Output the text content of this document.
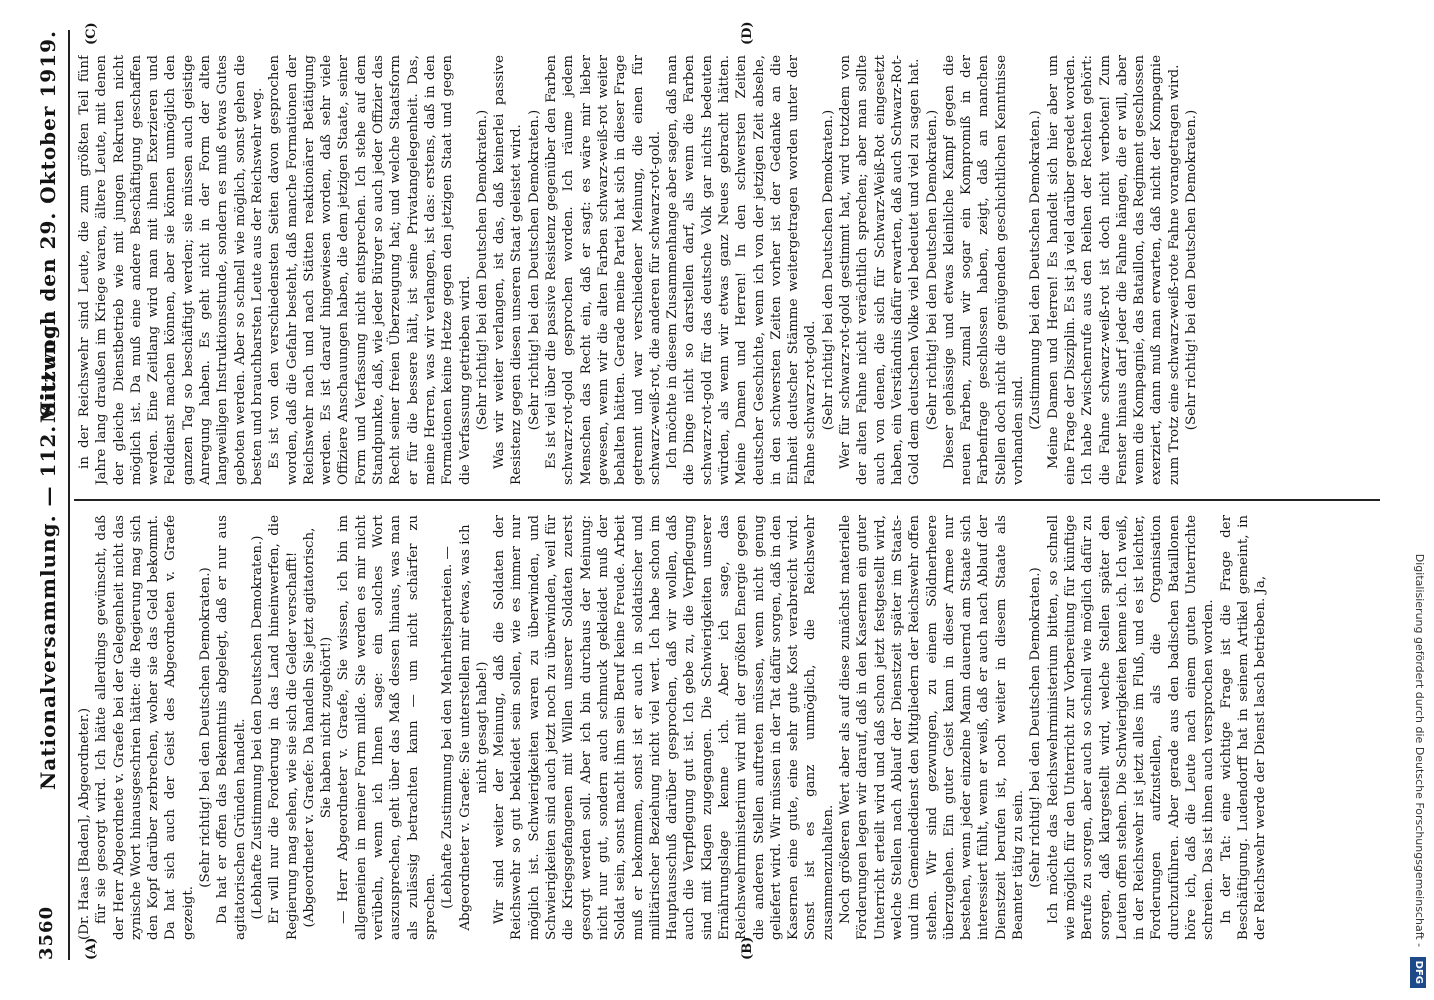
3560
Nationalversammlung. — 112. Sitzung.
Mittwoch den 29. Oktober 1919.
(A)	(B)
(C)	(D)

(Dr. Haas [Baden], Abgeordneter.) für sie gesorgt wird. Ich hätte allerdings gewünscht, daß der Herr Abgeordnete v. Graefe bei der Gelegenheit nicht das zynische Wort hinausgeschrien hätte: die Regierung mag sich den Kopf darüber zerbrechen, woher sie das Geld bekommt. Da hat sich auch der Geist des Abgeordneten v. Graefe gezeigt.

(Sehr richtig! bei den Deutschen Demokraten.) Da hat er offen das Bekenntnis abgelegt, daß er nur aus agitatorischen Gründen handelt. (Lebhafte Zustimmung bei den Deutschen Demokraten.) Er will nur die Forderung in das Land hineinwerfen, die Regierung mag sehen, wie sie sich die Gelder verschafft! (Abgeordneter v. Graefe: Da handeln Sie jetzt agitatorisch, Sie haben nicht zugehört!) — Herr Abgeordneter v. Graefe, Sie wissen, ich bin im allgemeinen in meiner Form milde. Sie werden es mir nicht verübeln, wenn ich Ihnen sage: ein solches Wort auszusprechen, geht über das Maß dessen hinaus, was man als zulässig betrachten kann — um nicht schärfer zu sprechen. (Lebhafte Zustimmung bei den Mehrheitsparteien. — Abgeordneter v. Graefe: Sie unterstellen mir etwas, was ich nicht gesagt habe!) Wir sind weiter der Meinung, daß die Soldaten der Reichswehr so gut bekleidet sein sollen, wie es immer nur möglich ist. Schwierigkeiten waren zu überwinden, und Schwierigkeiten sind auch jetzt noch zu überwinden, weil für die Kriegsgefangenen mit Willen unserer Soldaten zuerst gesorgt werden soll. Aber ich bin durchaus der Meinung: nicht nur gut, sondern auch schmuck gekleidet muß der Soldat sein, sonst macht ihm sein Beruf keine Freude. Arbeit muß er bekommen, sonst ist er auch in soldatischer und militärischer Beziehung nicht viel wert. Ich habe schon im Hauptausschuß darüber gesprochen, daß wir wollen, daß auch die Verpflegung gut ist. Ich gebe zu, die Verpflegung sind mit Klagen zugegangen. Die Schwierigkeiten unserer Ernährungslage kenne ich. Aber ich sage, das Reichswehrministerium wird mit der größten Energie gegen die anderen Stellen auftreten müssen, wenn nicht genug geliefert wird. Wir müssen in der Tat dafür sorgen, daß in den Kasernen eine gute, eine sehr gute Kost verabreicht wird. Sonst ist es ganz unmöglich, die Reichswehr zusammenzuhalten. Noch größeren Wert aber als auf diese zunächst materielle Förderungen legen wir darauf, daß in den Kasernen ein guter Unterricht erteilt wird und daß schon jetzt festgestellt wird, welche Stellen nach Ablauf der Dienstzeit später im Staats- und im Gemeindedienst den Mitgliedern der Reichswehr offen stehen. Wir sind gezwungen, zu einem Söldnerheere überzugehen. Ein guter Geist kann in dieser Armee nur bestehen, wenn jeder einzelne Mann dauernd am Staate sich interessiert fühlt, wenn er weiß, daß er auch nach Ablauf der Dienstzeit berufen ist, noch weiter in diesem Staate als Beamter tätig zu sein. (Sehr richtig! bei den Deutschen Demokraten.) Ich möchte das Reichswehrministerium bitten, so schnell wie möglich für den Unterricht zur Vorbereitung für künftige Berufe zu sorgen, aber auch so schnell wie möglich dafür zu sorgen, daß klargestellt wird, welche Stellen später den Leuten offen stehen. Die Schwierigkeiten kenne ich. Ich weiß, in der Reichswehr ist jetzt alles im Fluß, und es ist leichter, Forderungen aufzustellen, als die Organisation durchzuführen. Aber gerade aus den badischen Bataillonen höre ich, daß die Leute nach einem guten Unterrichte schreien. Das ist ihnen auch versprochen worden. In der Tat: eine wichtige Frage ist die Frage der Beschäftigung. Ludendorff hat in seinem Artikel gemeint, in der Reichswehr werde der Dienst lasch betrieben. Ja,

in der Reichswehr sind Leute, die zum größten Teil fünf Jahre lang draußen im Kriege waren, ältere Leute, mit denen der gleiche Dienstbetrieb wie mit jungen Rekruten nicht möglich ist. Da muß eine andere Beschäftigung geschaffen werden. Eine Zeitlang wird man mit ihnen Exerzieren und Felddienst machen können, aber sie können unmöglich den ganzen Tag so beschäftigt werden; sie müssen auch geistige Anregung haben. Es geht nicht in der Form der alten langweiligen Instruktionsstunde, sondern es muß etwas Gutes geboten werden. Aber so schnell wie möglich, sonst gehen die besten und brauchbarsten Leute aus der Reichswehr weg. Es ist von den verschiedensten Seiten davon gesprochen worden, daß die Gefahr besteht, daß manche Formationen der Reichswehr nach und nach Stätten reaktionärer Betätigung werden. Es ist darauf hingewiesen worden, daß sehr viele Offiziere Anschauungen haben, die dem jetzigen Staate, seiner Form und Verfassung nicht entsprechen. Ich stehe auf dem Standpunkte, daß, wie jeder Bürger so auch jeder Offizier das Recht seiner freien Überzeugung hat; und welche Staatsform er für die bessere hält, ist seine Privatangelegenheit. Das, meine Herren, was wir verlangen, ist das: erstens, daß in den Formationen keine Hetze gegen den jetzigen Staat und gegen die Verfassung getrieben wird. (Sehr richtig! bei den Deutschen Demokraten.) Was wir weiter verlangen, ist das, daß keinerlei passive Resistenz gegen diesen unseren Staat geleistet wird. (Sehr richtig! bei den Deutschen Demokraten.) Es ist viel über die passive Resistenz gegenüber den Farben schwarz-rot-gold gesprochen worden. Ich räume jedem Menschen das Recht ein, daß er sagt: es wäre mir lieber gewesen, wenn wir die alten Farben schwarz-weiß-rot weiter behalten hätten. Gerade meine Partei hat sich in dieser Frage getrennt und war verschiedener Meinung, die einen für schwarz-weiß-rot, die anderen für schwarz-rot-gold. Ich möchte in diesem Zusammenhange aber sagen, daß man die Dinge nicht so darstellen darf, als wenn die Farben schwarz-rot-gold für das deutsche Volk gar nichts bedeuten würden, als wenn wir etwas ganz Neues gebracht hätten. Meine Damen und Herren! In den schwersten Zeiten deutscher Geschichte, wenn ich von der jetzigen Zeit absehe, in den schwersten Zeiten vorher ist der Gedanke an die Einheit deutscher Stämme weitergetragen worden unter der Fahne schwarz-rot-gold. (Sehr richtig! bei den Deutschen Demokraten.) Wer für schwarz-rot-gold gestimmt hat, wird trotzdem von der alten Fahne nicht verächtlich sprechen; aber man sollte auch von denen, die sich für Schwarz-Weiß-Rot eingesetzt haben, ein Verständnis dafür erwarten, daß auch Schwarz-Rot-Gold dem deutschen Volke viel bedeutet und viel zu sagen hat. (Sehr richtig! bei den Deutschen Demokraten.) Dieser gehässige und etwas kleinliche Kampf gegen die neuen Farben, zumal wir sogar ein Kompromiß in der Farbenfrage geschlossen haben, zeigt, daß an manchen Stellen doch nicht die genügenden geschichtlichen Kenntnisse vorhanden sind.

(Zustimmung bei den Deutschen Demokraten.) Meine Damen und Herren! Es handelt sich hier aber um eine Frage der Disziplin. Es ist ja viel darüber geredet worden. Ich habe Zwischenrufe aus den Reihen der Rechten gehört: die Fahne schwarz-weiß-rot ist doch nicht verboten! Zum Fenster hinaus darf jeder die Fahne hängen, die er will, aber wenn die Kompagnie, das Bataillon, das Regiment geschlossen exerziert, dann muß man erwarten, daß nicht der Kompagnie zum Trotz eine schwarz-weiß-rote Fahne vorangetragen wird. (Sehr richtig! bei den Deutschen Demokraten.)

Digitalisierung gefördert durch die Deutsche Forschungsgemeinschaft - DFG
